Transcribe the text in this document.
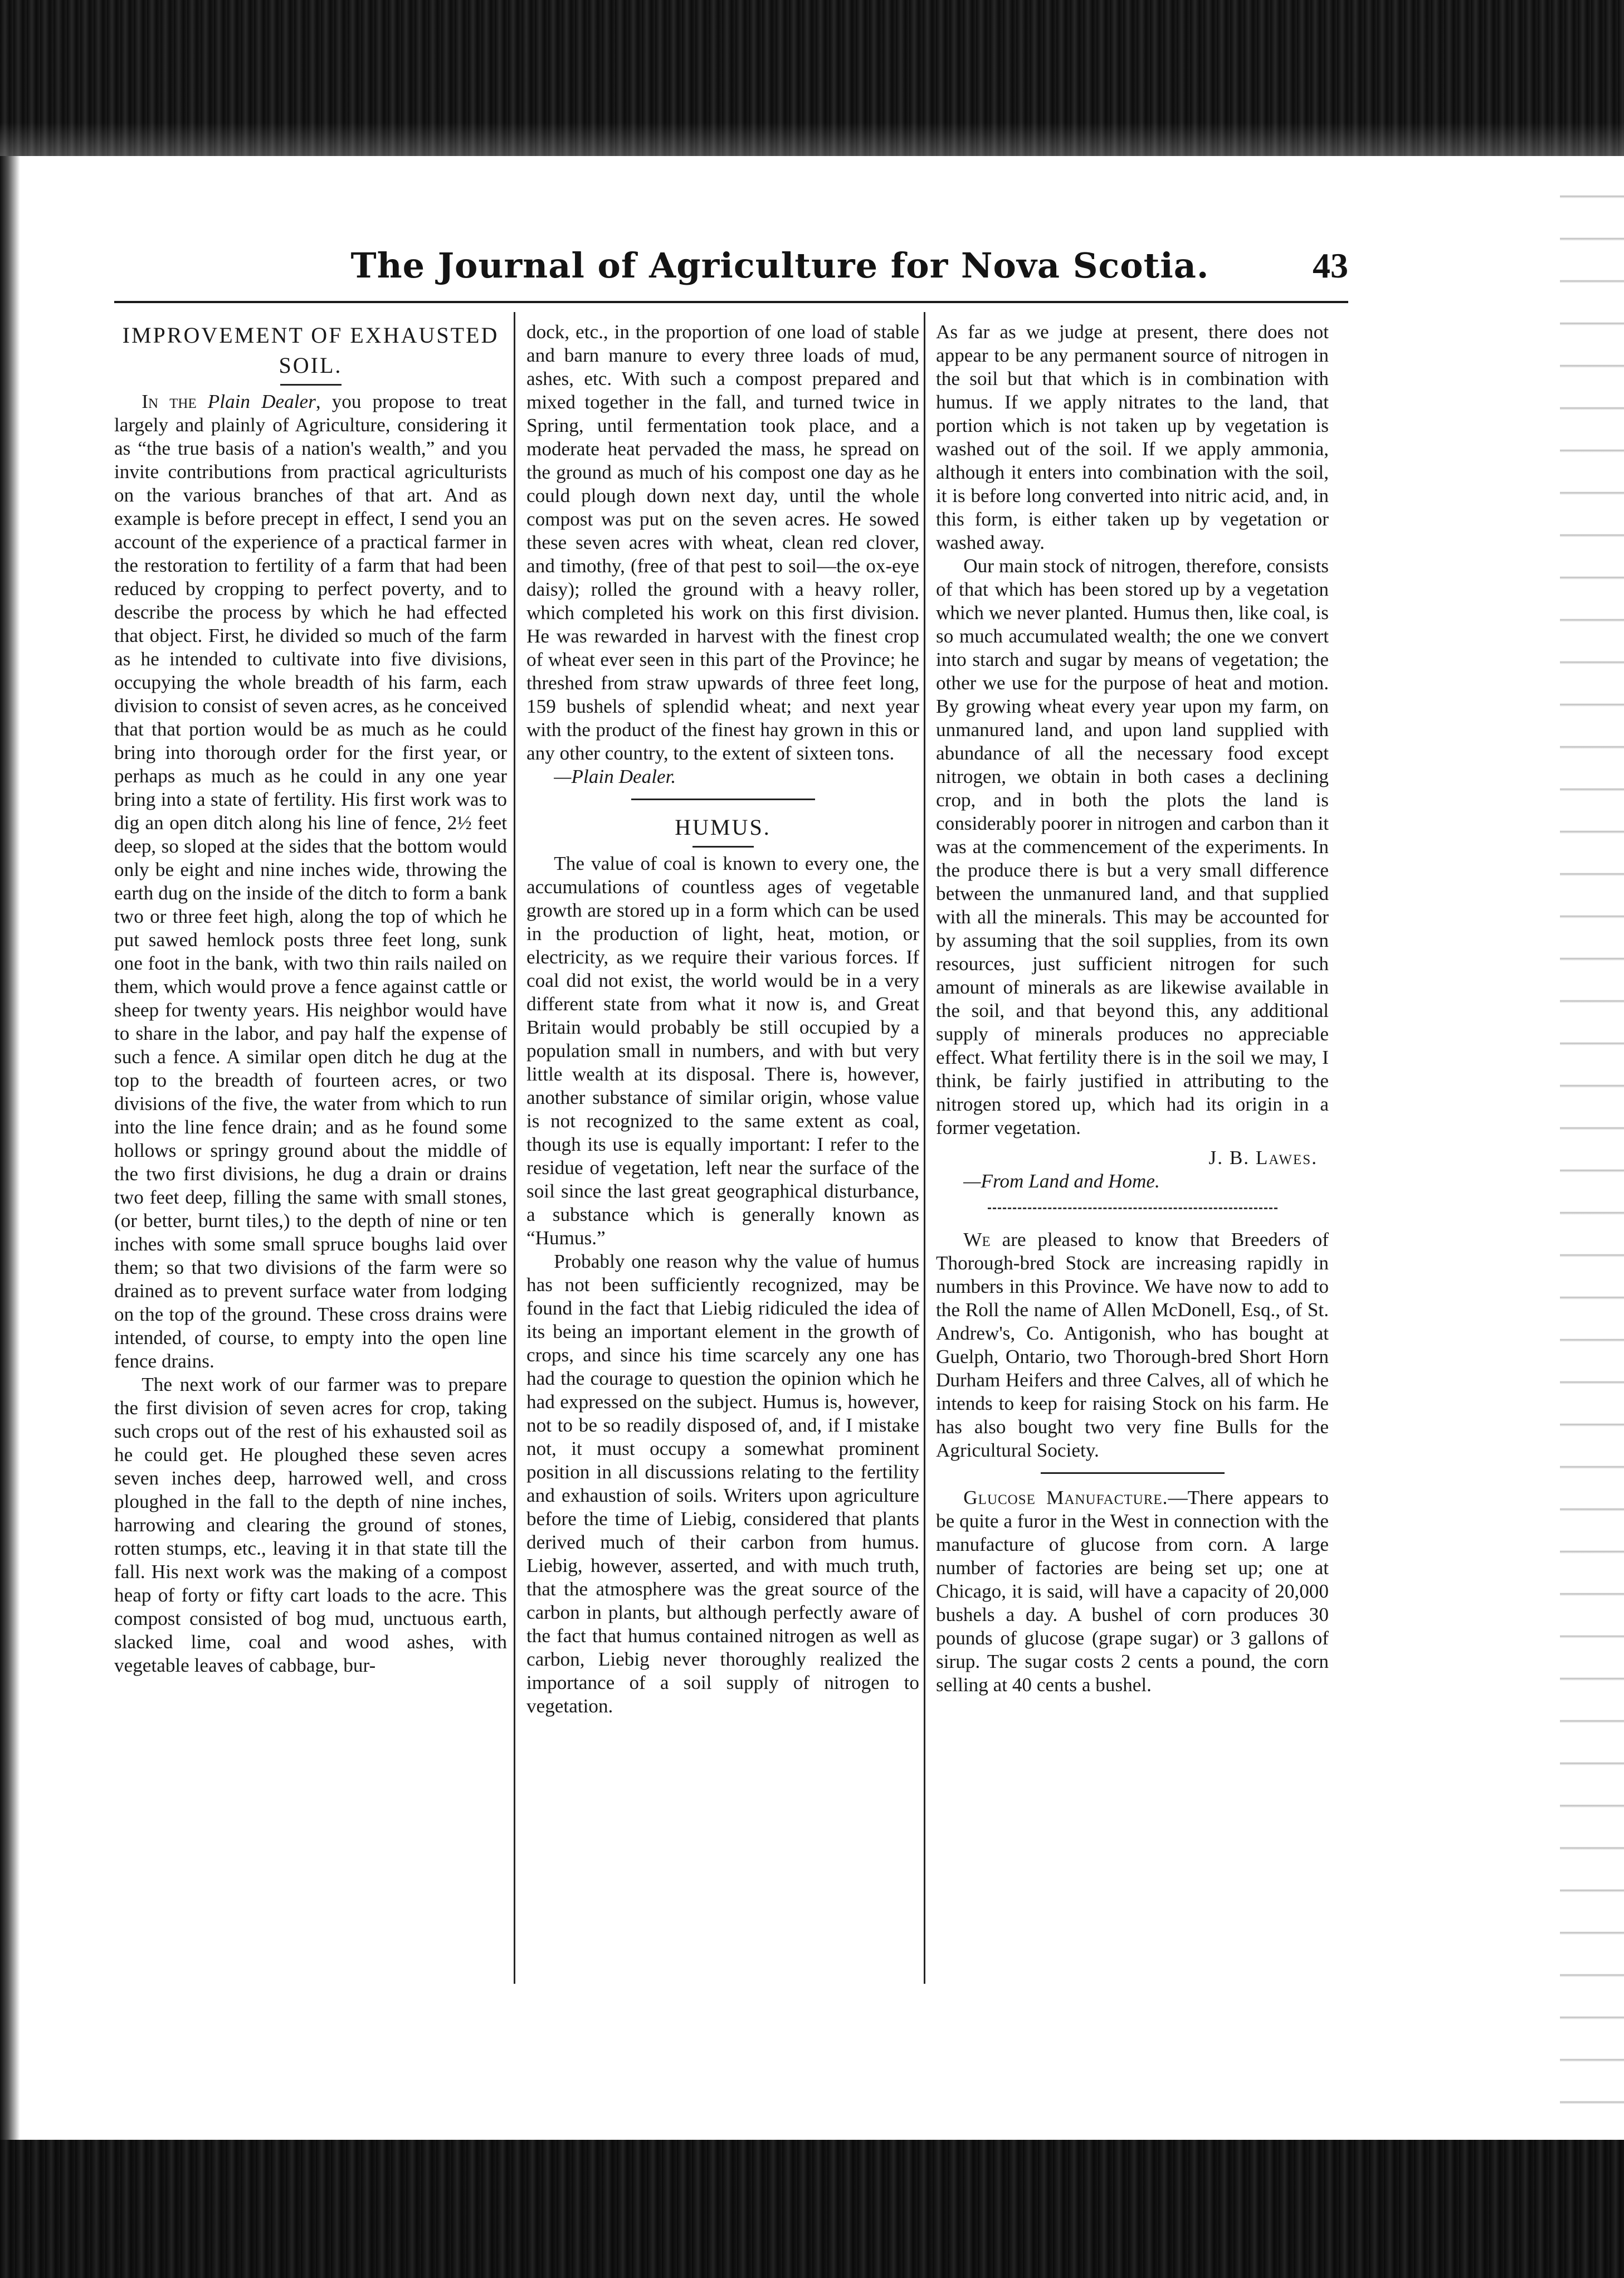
The Journal of Agriculture for Nova Scotia.	43
IMPROVEMENT OF EXHAUSTED
SOIL.

In the Plain Dealer, you propose to treat largely and plainly of Agriculture, considering it as “the true basis of a nation's wealth,” and you invite contributions from practical agriculturists on the various branches of that art. And as example is before precept in effect, I send you an account of the experience of a practical farmer in the restoration to fertility of a farm that had been reduced by cropping to perfect poverty, and to describe the process by which he had effected that object. First, he divided so much of the farm as he intended to cultivate into five divisions, occupying the whole breadth of his farm, each division to consist of seven acres, as he conceived that that portion would be as much as he could bring into thorough order for the first year, or perhaps as much as he could in any one year bring into a state of fertility. His first work was to dig an open ditch along his line of fence, 2½ feet deep, so sloped at the sides that the bottom would only be eight and nine inches wide, throwing the earth dug on the inside of the ditch to form a bank two or three feet high, along the top of which he put sawed hemlock posts three feet long, sunk one foot in the bank, with two thin rails nailed on them, which would prove a fence against cattle or sheep for twenty years. His neighbor would have to share in the labor, and pay half the expense of such a fence. A similar open ditch he dug at the top to the breadth of fourteen acres, or two divisions of the five, the water from which to run into the line fence drain; and as he found some hollows or springy ground about the middle of the two first divisions, he dug a drain or drains two feet deep, filling the same with small stones, (or better, burnt tiles,) to the depth of nine or ten inches with some small spruce boughs laid over them; so that two divisions of the farm were so drained as to prevent surface water from lodging on the top of the ground. These cross drains were intended, of course, to empty into the open line fence drains.

The next work of our farmer was to prepare the first division of seven acres for crop, taking such crops out of the rest of his exhausted soil as he could get. He ploughed these seven acres seven inches deep, harrowed well, and cross ploughed in the fall to the depth of nine inches, harrowing and clearing the ground of stones, rotten stumps, etc., leaving it in that state till the fall. His next work was the making of a compost heap of forty or fifty cart loads to the acre. This compost consisted of bog mud, unctuous earth, slacked lime, coal and wood ashes, with vegetable leaves of cabbage, bur-

dock, etc., in the proportion of one load of stable and barn manure to every three loads of mud, ashes, etc. With such a compost prepared and mixed together in the fall, and turned twice in Spring, until fermentation took place, and a moderate heat pervaded the mass, he spread on the ground as much of his compost one day as he could plough down next day, until the whole compost was put on the seven acres. He sowed these seven acres with wheat, clean red clover, and timothy, (free of that pest to soil—the ox-eye daisy); rolled the ground with a heavy roller, which completed his work on this first division. He was rewarded in harvest with the finest crop of wheat ever seen in this part of the Province; he threshed from straw upwards of three feet long, 159 bushels of splendid wheat; and next year with the product of the finest hay grown in this or any other country, to the extent of sixteen tons.

—Plain Dealer.

HUMUS.

The value of coal is known to every one, the accumulations of countless ages of vegetable growth are stored up in a form which can be used in the production of light, heat, motion, or electricity, as we require their various forces. If coal did not exist, the world would be in a very different state from what it now is, and Great Britain would probably be still occupied by a population small in numbers, and with but very little wealth at its disposal. There is, however, another substance of similar origin, whose value is not recognized to the same extent as coal, though its use is equally important: I refer to the residue of vegetation, left near the surface of the soil since the last great geographical disturbance, a substance which is generally known as “Humus.”

Probably one reason why the value of humus has not been sufficiently recognized, may be found in the fact that Liebig ridiculed the idea of its being an important element in the growth of crops, and since his time scarcely any one has had the courage to question the opinion which he had expressed on the subject. Humus is, however, not to be so readily disposed of, and, if I mistake not, it must occupy a somewhat prominent position in all discussions relating to the fertility and exhaustion of soils. Writers upon agriculture before the time of Liebig, considered that plants derived much of their carbon from humus. Liebig, however, asserted, and with much truth, that the atmosphere was the great source of the carbon in plants, but although perfectly aware of the fact that humus contained nitrogen as well as carbon, Liebig never thoroughly realized the importance of a soil supply of nitrogen to vegetation.

As far as we judge at present, there does not appear to be any permanent source of nitrogen in the soil but that which is in combination with humus. If we apply nitrates to the land, that portion which is not taken up by vegetation is washed out of the soil. If we apply ammonia, although it enters into combination with the soil, it is before long converted into nitric acid, and, in this form, is either taken up by vegetation or washed away.

Our main stock of nitrogen, therefore, consists of that which has been stored up by a vegetation which we never planted. Humus then, like coal, is so much accumulated wealth; the one we convert into starch and sugar by means of vegetation; the other we use for the purpose of heat and motion. By growing wheat every year upon my farm, on unmanured land, and upon land supplied with abundance of all the necessary food except nitrogen, we obtain in both cases a declining crop, and in both the plots the land is considerably poorer in nitrogen and carbon than it was at the commencement of the experiments. In the produce there is but a very small difference between the unmanured land, and that supplied with all the minerals. This may be accounted for by assuming that the soil supplies, from its own resources, just sufficient nitrogen for such amount of minerals as are likewise available in the soil, and that beyond this, any additional supply of minerals produces no appreciable effect. What fertility there is in the soil we may, I think, be fairly justified in attributing to the nitrogen stored up, which had its origin in a former vegetation.

J. B. Lawes.

—From Land and Home.

We are pleased to know that Breeders of Thorough-bred Stock are increasing rapidly in numbers in this Province. We have now to add to the Roll the name of Allen McDonell, Esq., of St. Andrew's, Co. Antigonish, who has bought at Guelph, Ontario, two Thorough-bred Short Horn Durham Heifers and three Calves, all of which he intends to keep for raising Stock on his farm. He has also bought two very fine Bulls for the Agricultural Society.

Glucose Manufacture.—There appears to be quite a furor in the West in connection with the manufacture of glucose from corn. A large number of factories are being set up; one at Chicago, it is said, will have a capacity of 20,000 bushels a day. A bushel of corn produces 30 pounds of glucose (grape sugar) or 3 gallons of sirup. The sugar costs 2 cents a pound, the corn selling at 40 cents a bushel.
